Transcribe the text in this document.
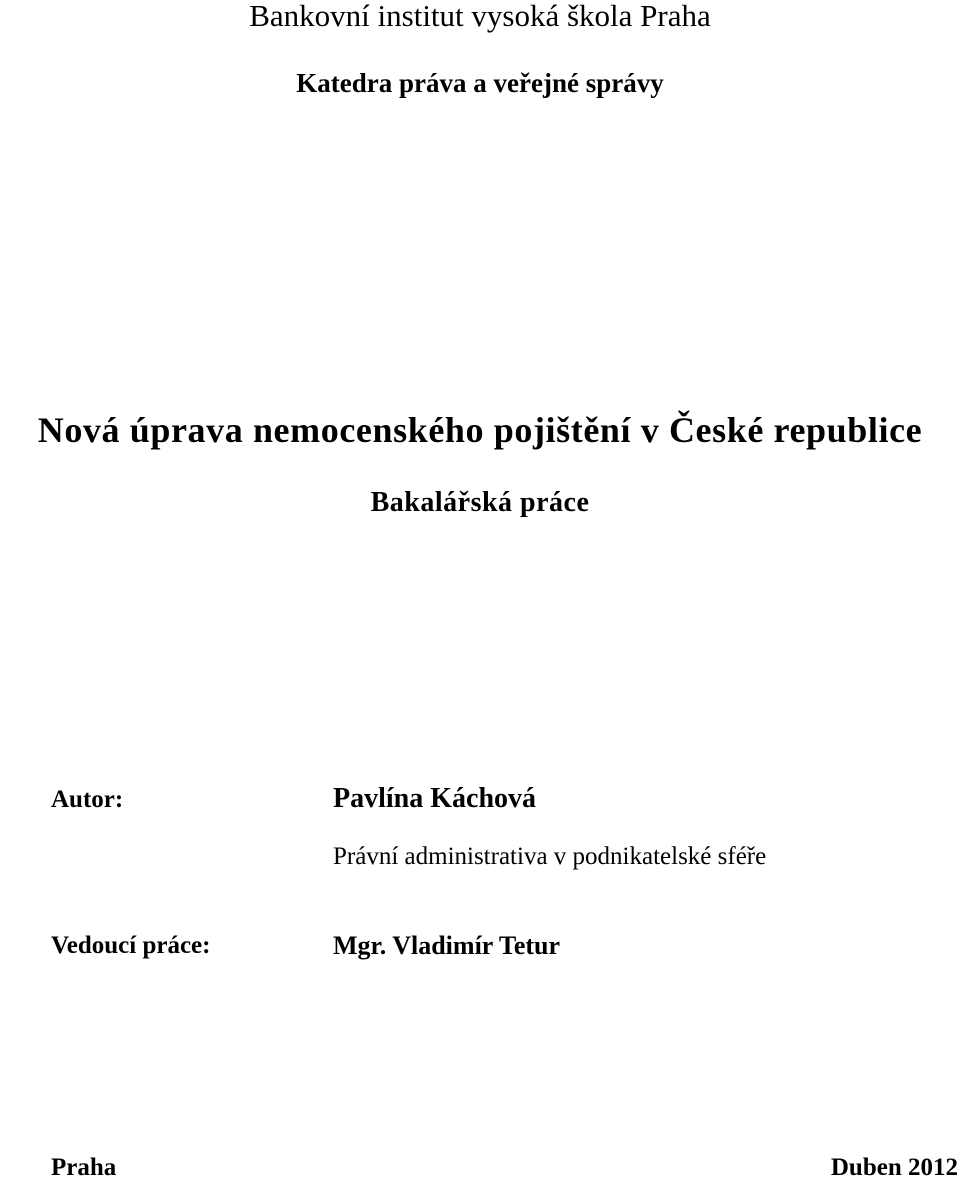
Bankovní institut vysoká škola Praha
Katedra práva a veřejné správy
Nová úprava nemocenského pojištění v České republice
Bakalářská práce
Autor:	Pavlína Káchová
Právní administrativa v podnikatelské sféře
Vedoucí práce:	Mgr. Vladimír Tetur
Praha	Duben 2012
